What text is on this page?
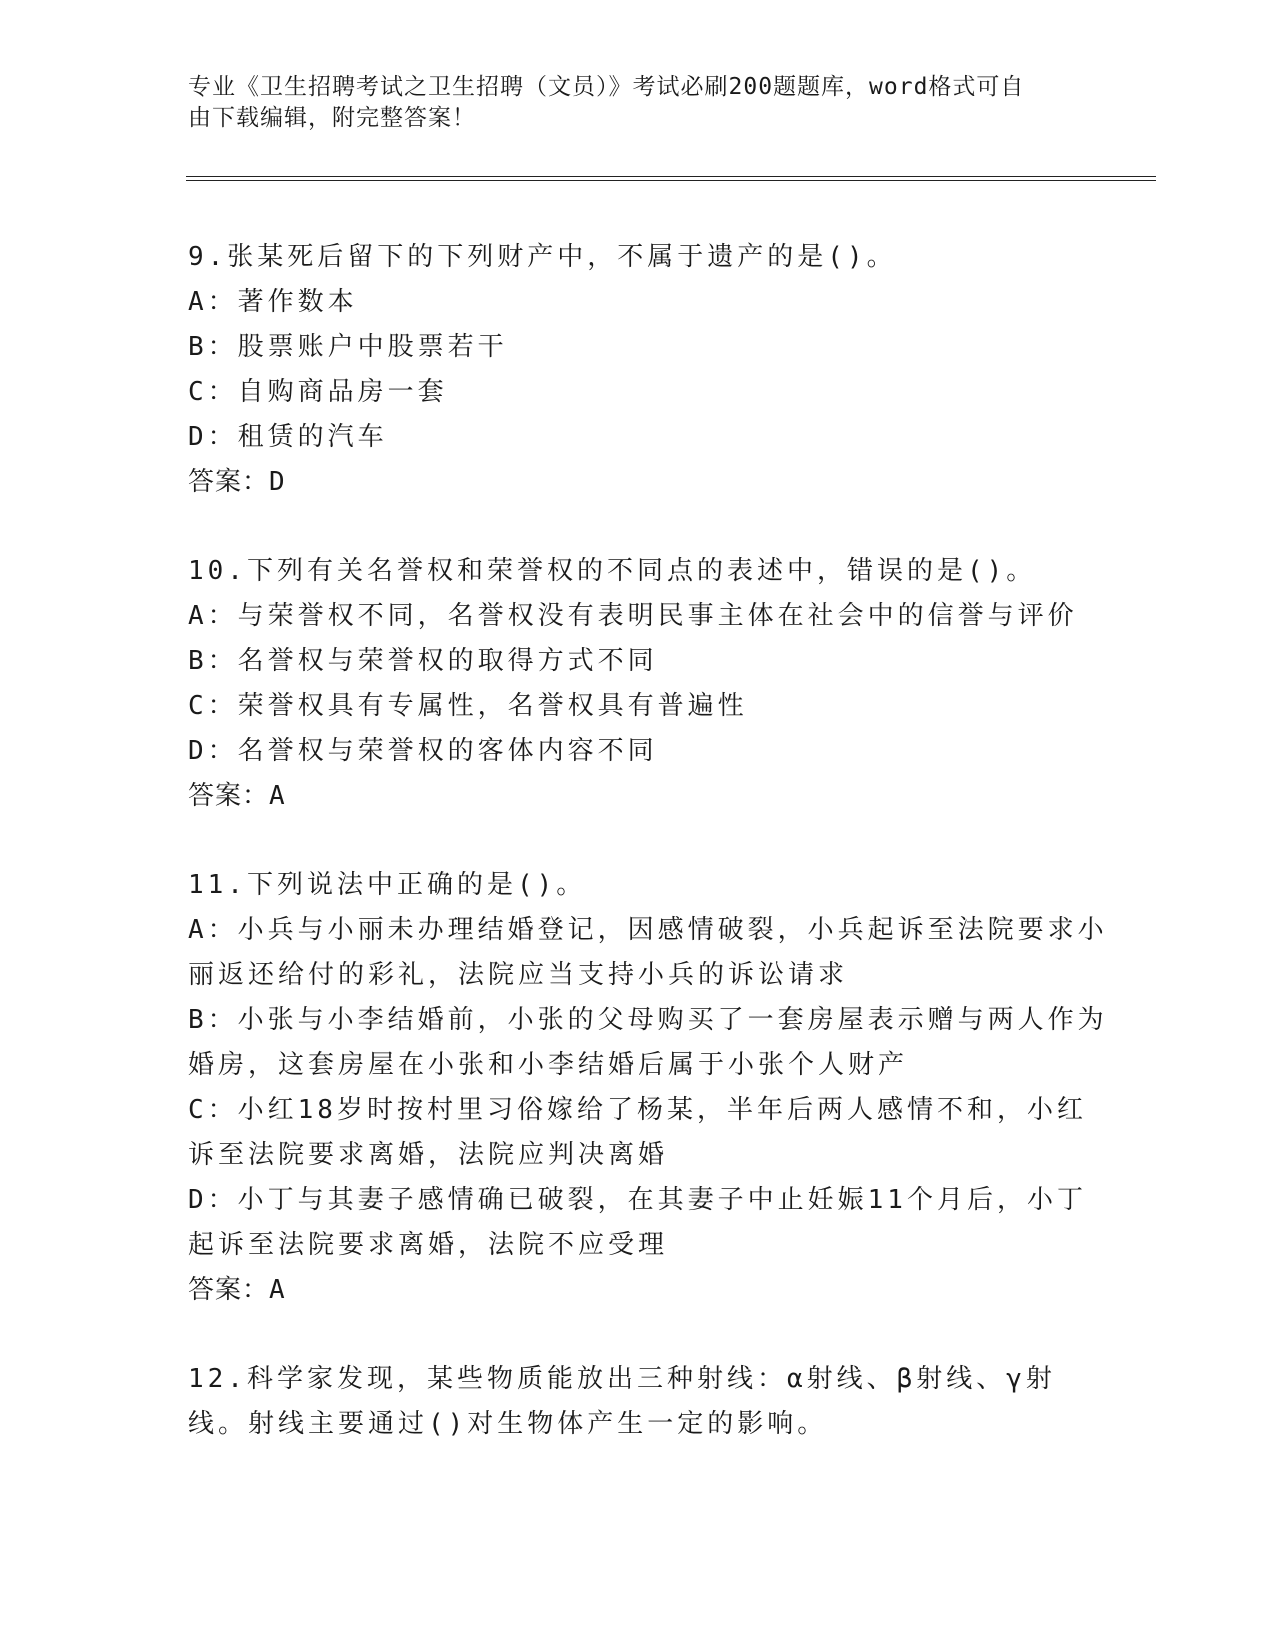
专业《卫生招聘考试之卫生招聘（文员）》考试必刷200题题库，word格式可自
由下载编辑，附完整答案！
9.张某死后留下的下列财产中，不属于遗产的是()。
A：著作数本
B：股票账户中股票若干
C：自购商品房一套
D：租赁的汽车
答案：D
10.下列有关名誉权和荣誉权的不同点的表述中，错误的是()。
A：与荣誉权不同，名誉权没有表明民事主体在社会中的信誉与评价
B：名誉权与荣誉权的取得方式不同
C：荣誉权具有专属性，名誉权具有普遍性
D：名誉权与荣誉权的客体内容不同
答案：A
11.下列说法中正确的是()。
A：小兵与小丽未办理结婚登记，因感情破裂，小兵起诉至法院要求小
丽返还给付的彩礼，法院应当支持小兵的诉讼请求
B：小张与小李结婚前，小张的父母购买了一套房屋表示赠与两人作为
婚房，这套房屋在小张和小李结婚后属于小张个人财产
C：小红18岁时按村里习俗嫁给了杨某，半年后两人感情不和，小红
诉至法院要求离婚，法院应判决离婚
D：小丁与其妻子感情确已破裂，在其妻子中止妊娠11个月后，小丁
起诉至法院要求离婚，法院不应受理
答案：A
12.科学家发现，某些物质能放出三种射线：α射线、β射线、γ射
线。射线主要通过()对生物体产生一定的影响。
